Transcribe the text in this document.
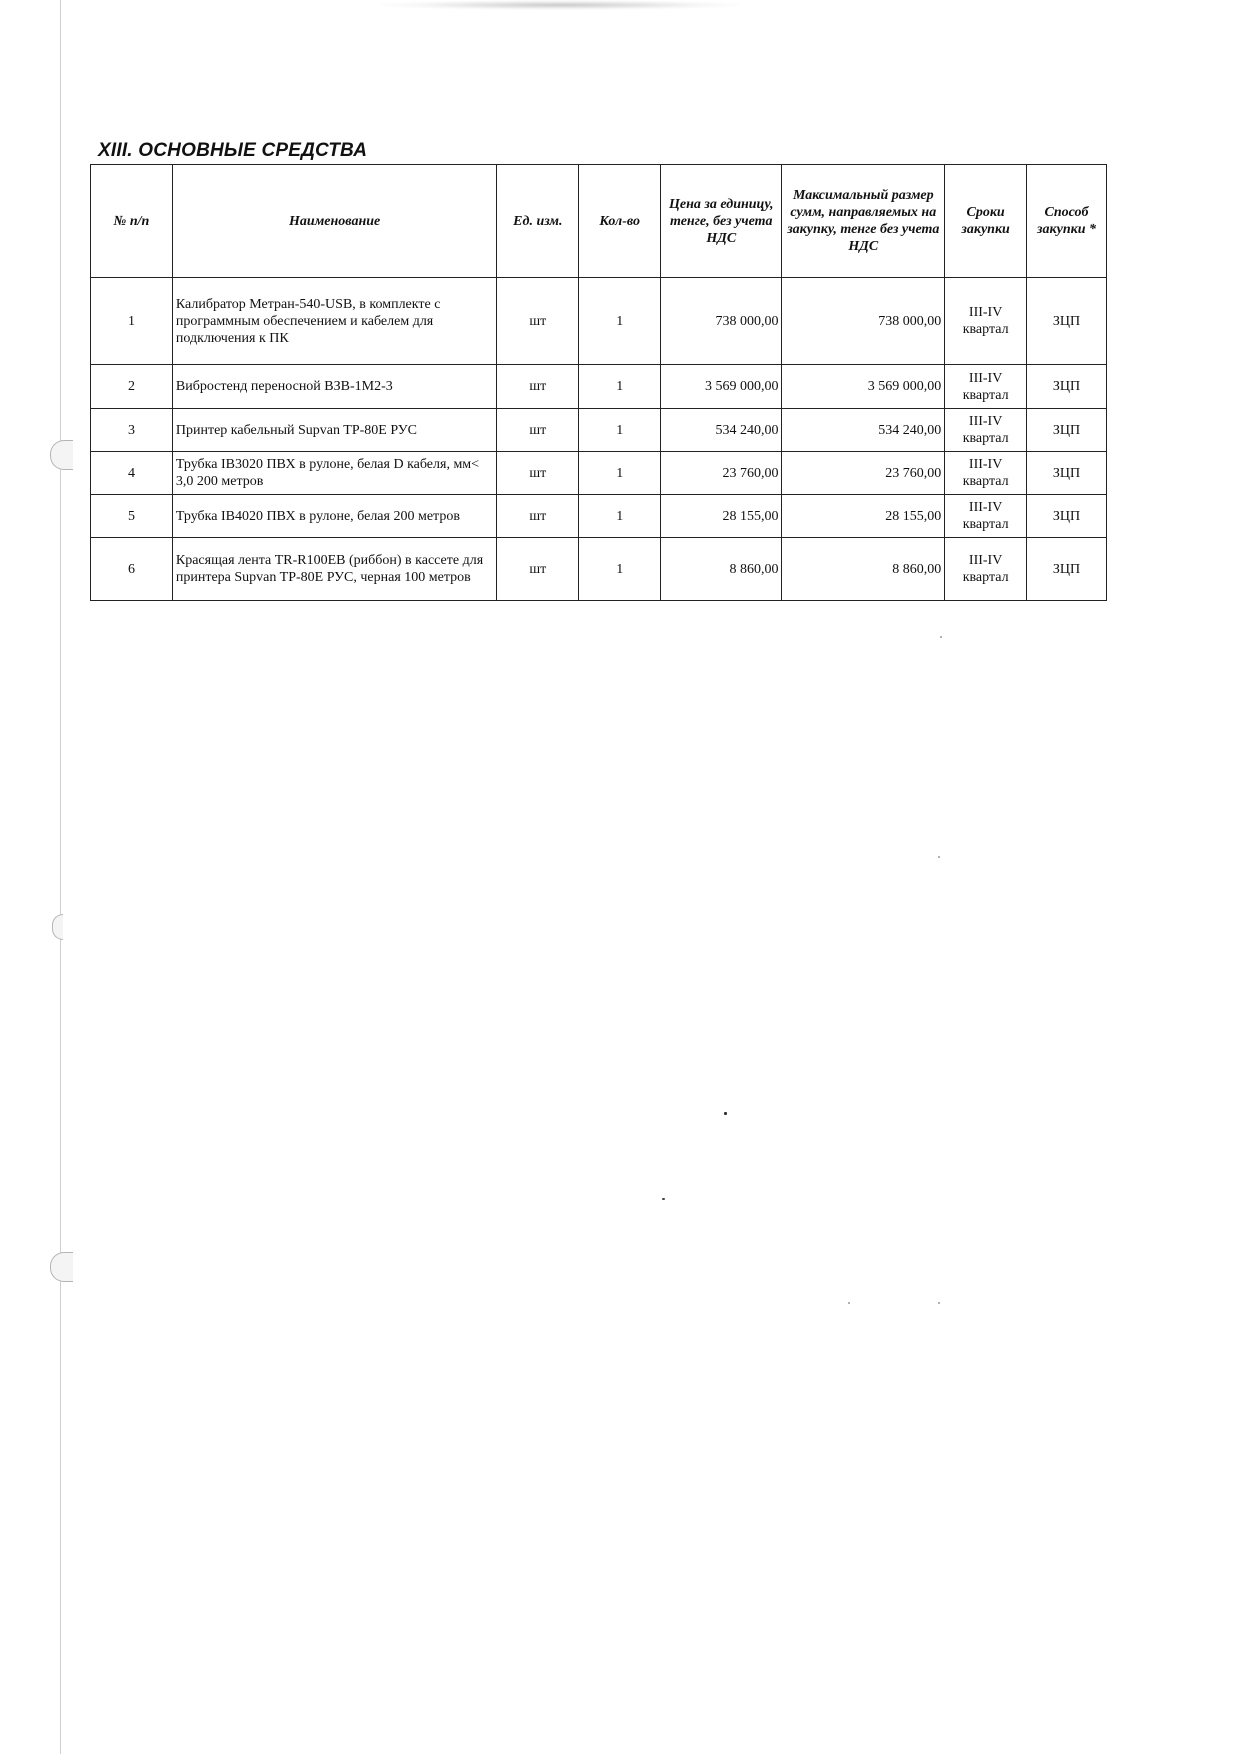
XIII. ОСНОВНЫЕ СРЕДСТВА
№ п/п	Наименование	Ед. изм.	Кол-во	Цена за единицу, тенге, без учета НДС	Максимальный размер сумм, направляемых на закупку, тенге без учета НДС	Сроки закупки	Способ закупки *
1	Калибратор Метран-540-USB, в комплекте с программным обеспечением и кабелем для подключения к ПК	шт	1	738 000,00	738 000,00	III-IV квартал	ЗЦП
2	Вибростенд переносной ВЗВ-1М2-3	шт	1	3 569 000,00	3 569 000,00	III-IV квартал	ЗЦП
3	Принтер кабельный Supvan TP-80E РУС	шт	1	534 240,00	534 240,00	III-IV квартал	ЗЦП
4	Трубка IB3020 ПВХ в рулоне, белая D кабеля, мм< 3,0 200 метров	шт	1	23 760,00	23 760,00	III-IV квартал	ЗЦП
5	Трубка IB4020 ПВХ в рулоне, белая 200 метров	шт	1	28 155,00	28 155,00	III-IV квартал	ЗЦП
6	Красящая лента TR-R100EB (риббон) в кассете для принтера Supvan TP-80E РУС, черная 100 метров	шт	1	8 860,00	8 860,00	III-IV квартал	ЗЦП
